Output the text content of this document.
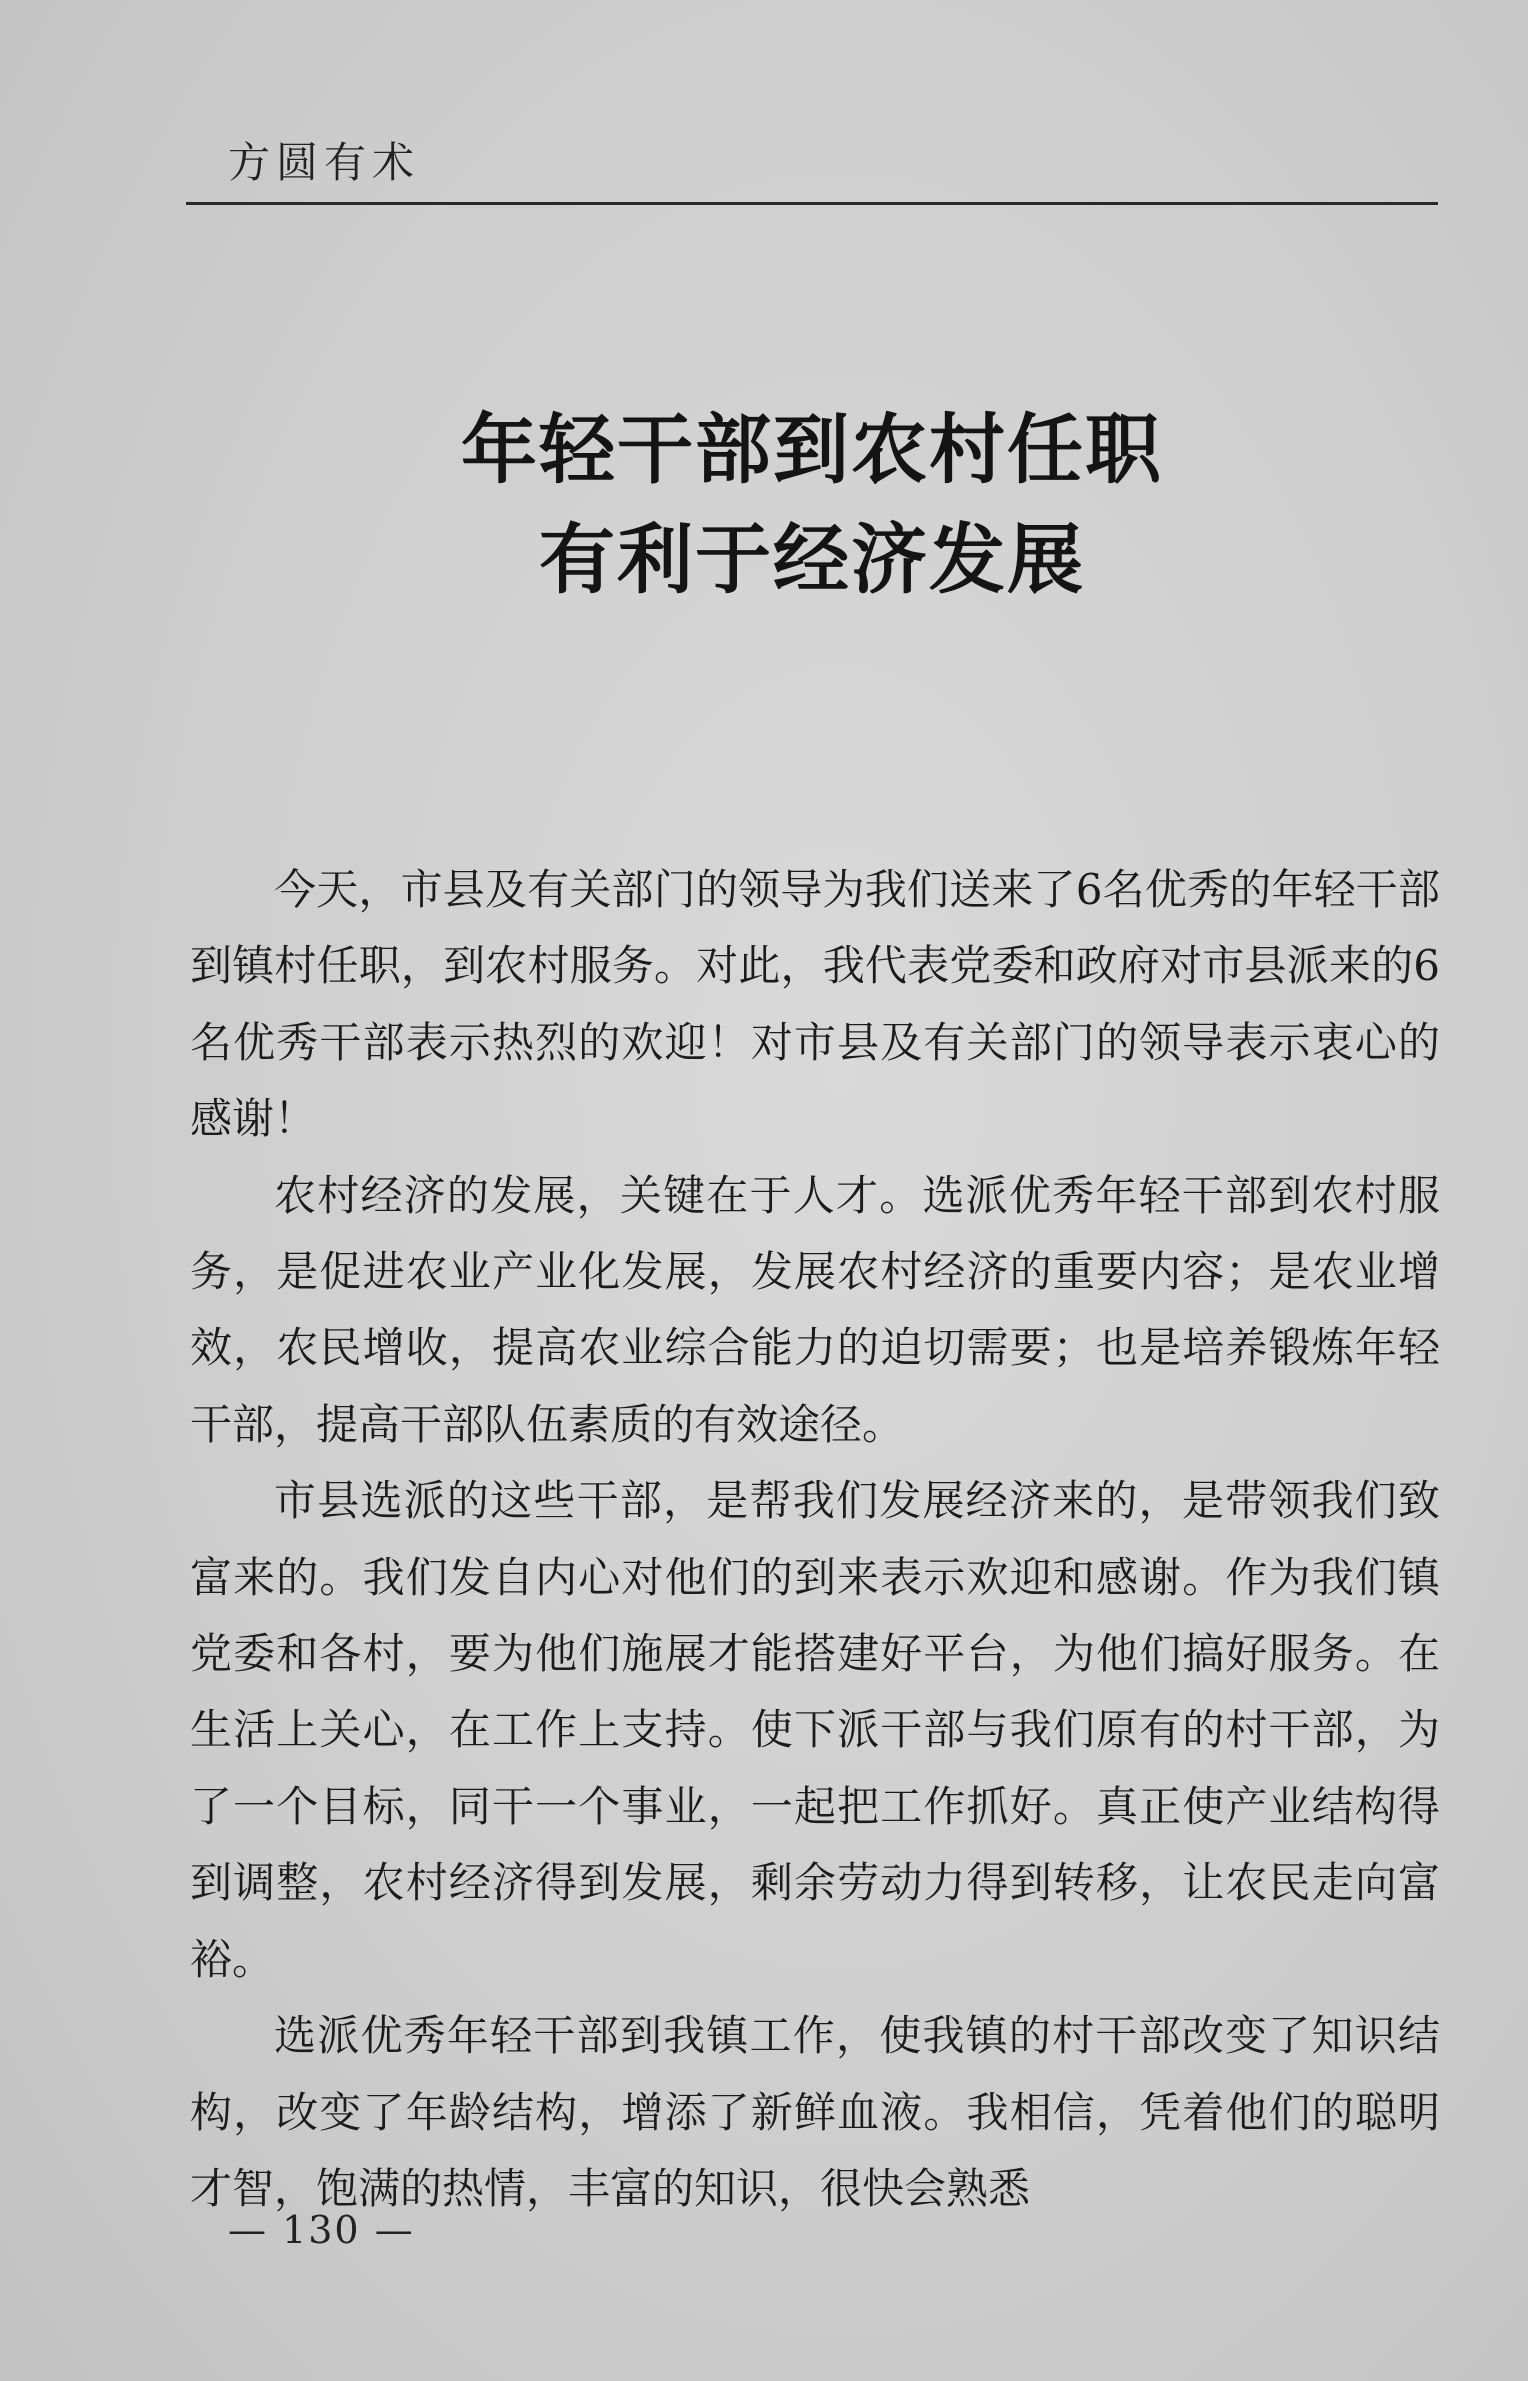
方圆有术
年轻干部到农村任职
有利于经济发展

今天，市县及有关部门的领导为我们送来了6名优秀的年轻干部到镇村任职，到农村服务。对此，我代表党委和政府对市县派来的6名优秀干部表示热烈的欢迎！对市县及有关部门的领导表示衷心的感谢！

农村经济的发展，关键在于人才。选派优秀年轻干部到农村服务，是促进农业产业化发展，发展农村经济的重要内容；是农业增效，农民增收，提高农业综合能力的迫切需要；也是培养锻炼年轻干部，提高干部队伍素质的有效途径。

市县选派的这些干部，是帮我们发展经济来的，是带领我们致富来的。我们发自内心对他们的到来表示欢迎和感谢。作为我们镇党委和各村，要为他们施展才能搭建好平台，为他们搞好服务。在生活上关心，在工作上支持。使下派干部与我们原有的村干部，为了一个目标，同干一个事业，一起把工作抓好。真正使产业结构得到调整，农村经济得到发展，剩余劳动力得到转移，让农民走向富裕。

选派优秀年轻干部到我镇工作，使我镇的村干部改变了知识结构，改变了年龄结构，增添了新鲜血液。我相信，凭着他们的聪明才智，饱满的热情，丰富的知识，很快会熟悉

— 130 —
